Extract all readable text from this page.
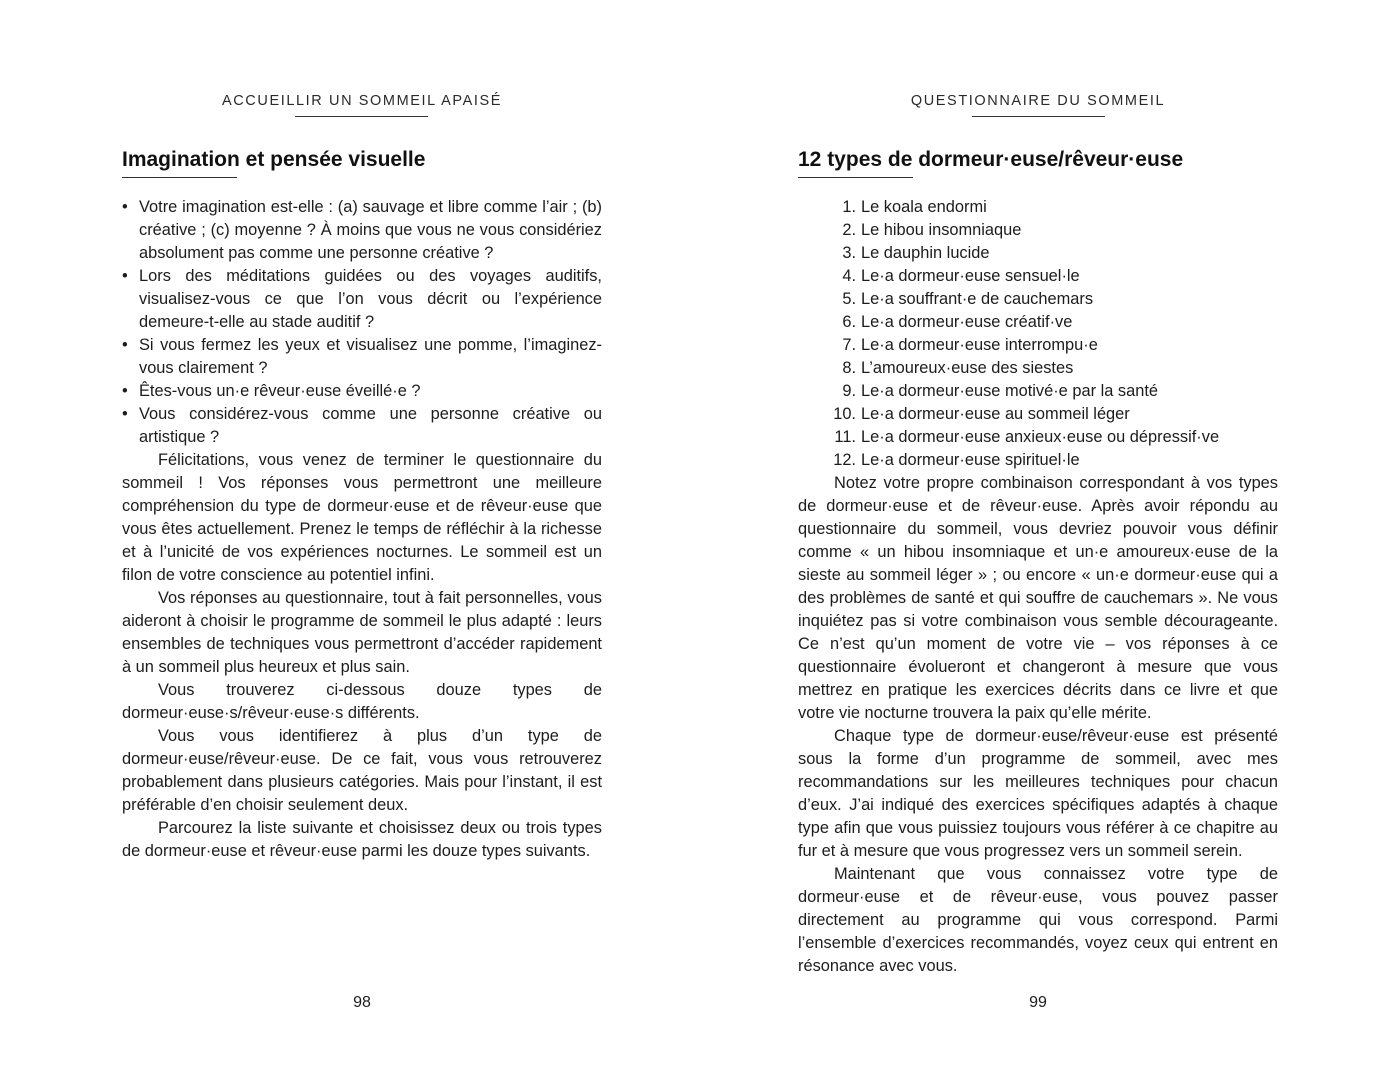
ACCUEILLIR UN SOMMEIL APAISÉ
Imagination et pensée visuelle
• Votre imagination est-elle : (a) sauvage et libre comme l’air ; (b) créative ; (c) moyenne ? À moins que vous ne vous considériez absolument pas comme une personne créative ?
• Lors des méditations guidées ou des voyages auditifs, visualisez-vous ce que l’on vous décrit ou l’expérience demeure-t-elle au stade auditif ?
• Si vous fermez les yeux et visualisez une pomme, l’imaginez-vous clairement ?
• Êtes-vous un·e rêveur·euse éveillé·e ?
• Vous considérez-vous comme une personne créative ou artistique ?

Félicitations, vous venez de terminer le questionnaire du sommeil ! Vos réponses vous permettront une meilleure compréhension du type de dormeur·euse et de rêveur·euse que vous êtes actuellement. Prenez le temps de réfléchir à la richesse et à l’unicité de vos expériences nocturnes. Le sommeil est un filon de votre conscience au potentiel infini.

Vos réponses au questionnaire, tout à fait personnelles, vous aideront à choisir le programme de sommeil le plus adapté : leurs ensembles de techniques vous permettront d’accéder rapidement à un sommeil plus heureux et plus sain.

Vous trouverez ci-dessous douze types de dormeur·euse·s/rêveur·euse·s différents.

Vous vous identifierez à plus d’un type de dormeur·euse/rêveur·euse. De ce fait, vous vous retrouverez probablement dans plusieurs catégories. Mais pour l’instant, il est préférable d’en choisir seulement deux.

Parcourez la liste suivante et choisissez deux ou trois types de dormeur·euse et rêveur·euse parmi les douze types suivants.

98
QUESTIONNAIRE DU SOMMEIL
12 types de dormeur·euse/rêveur·euse
1. Le koala endormi
2. Le hibou insomniaque
3. Le dauphin lucide
4. Le·a dormeur·euse sensuel·le
5. Le·a souffrant·e de cauchemars
6. Le·a dormeur·euse créatif·ve
7. Le·a dormeur·euse interrompu·e
8. L’amoureux·euse des siestes
9. Le·a dormeur·euse motivé·e par la santé
10. Le·a dormeur·euse au sommeil léger
11. Le·a dormeur·euse anxieux·euse ou dépressif·ve
12. Le·a dormeur·euse spirituel·le

Notez votre propre combinaison correspondant à vos types de dormeur·euse et de rêveur·euse. Après avoir répondu au questionnaire du sommeil, vous devriez pouvoir vous définir comme « un hibou insomniaque et un·e amoureux·euse de la sieste au sommeil léger » ; ou encore « un·e dormeur·euse qui a des problèmes de santé et qui souffre de cauchemars ». Ne vous inquiétez pas si votre combinaison vous semble décourageante. Ce n’est qu’un moment de votre vie – vos réponses à ce questionnaire évolueront et changeront à mesure que vous mettrez en pratique les exercices décrits dans ce livre et que votre vie nocturne trouvera la paix qu’elle mérite.

Chaque type de dormeur·euse/rêveur·euse est présenté sous la forme d’un programme de sommeil, avec mes recommandations sur les meilleures techniques pour chacun d’eux. J’ai indiqué des exercices spécifiques adaptés à chaque type afin que vous puissiez toujours vous référer à ce chapitre au fur et à mesure que vous progressez vers un sommeil serein.

Maintenant que vous connaissez votre type de dormeur·euse et de rêveur·euse, vous pouvez passer directement au programme qui vous correspond. Parmi l’ensemble d’exercices recommandés, voyez ceux qui entrent en résonance avec vous.

99
